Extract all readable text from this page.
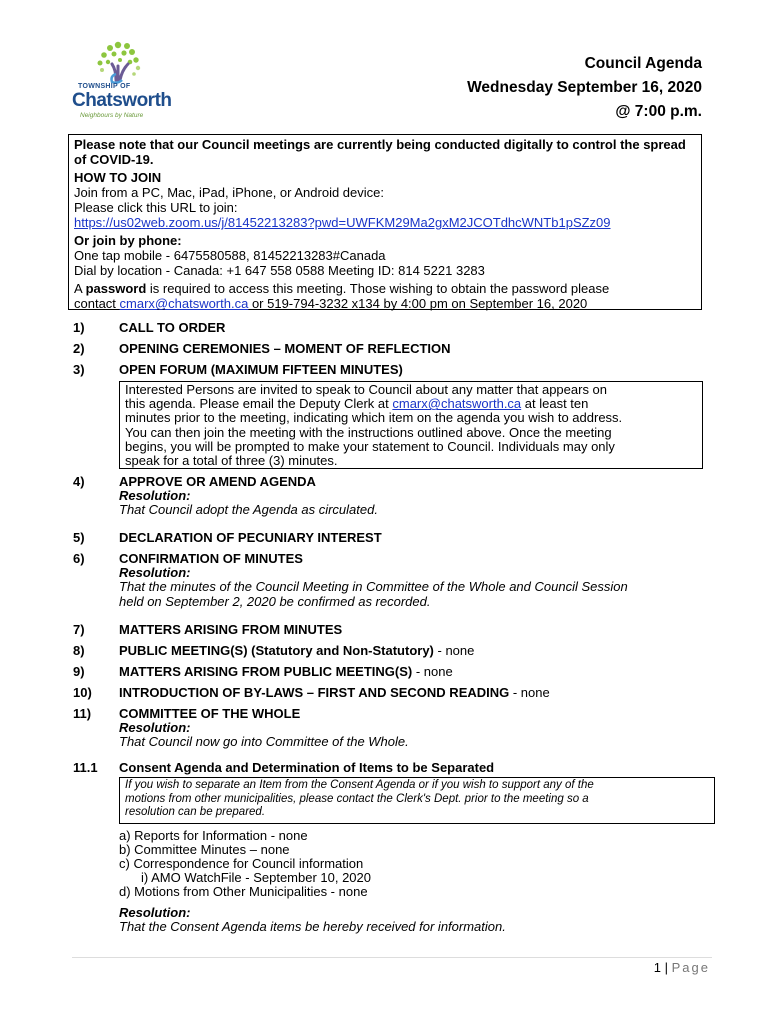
TOWNSHIP OF
Chatsworth
Neighbours by Nature
Council Agenda
Wednesday September 16, 2020
@ 7:00 p.m.

Please note that our Council meetings are currently being conducted digitally to control the spread of COVID-19.

HOW TO JOIN

Join from a PC, Mac, iPad, iPhone, or Android device:

Please click this URL to join:

https://us02web.zoom.us/j/81452213283?pwd=UWFKM29Ma2gxM2JCOTdhcWNTb1pSZz09

Or join by phone:

One tap mobile - 6475580588, 81452213283#Canada

Dial by location - Canada: +1 647 558 0588 Meeting ID: 814 5221 3283

A password is required to access this meeting. Those wishing to obtain the password please

contact cmarx@chatsworth.ca or 519-794-3232 x134 by 4:00 pm on September 16, 2020

1)	CALL TO ORDER
2)	OPENING CEREMONIES – MOMENT OF REFLECTION
3)	OPEN FORUM (MAXIMUM FIFTEEN MINUTES)
Interested Persons are invited to speak to Council about any matter that appears on
this agenda. Please email the Deputy Clerk at cmarx@chatsworth.ca at least ten
minutes prior to the meeting, indicating which item on the agenda you wish to address.
You can then join the meeting with the instructions outlined above. Once the meeting
begins, you will be prompted to make your statement to Council. Individuals may only
speak for a total of three (3) minutes.
4)	APPROVE OR AMEND AGENDA
Resolution:
That Council adopt the Agenda as circulated.
5)	DECLARATION OF PECUNIARY INTEREST
6)	CONFIRMATION OF MINUTES
Resolution:
That the minutes of the Council Meeting in Committee of the Whole and Council Session
held on September 2, 2020 be confirmed as recorded.
7)	MATTERS ARISING FROM MINUTES
8)	PUBLIC MEETING(S) (Statutory and Non-Statutory) - none
9)	MATTERS ARISING FROM PUBLIC MEETING(S) - none
10) INTRODUCTION OF BY-LAWS – FIRST AND SECOND READING - none
11) COMMITTEE OF THE WHOLE
Resolution:
That Council now go into Committee of the Whole.
11.1 Consent Agenda and Determination of Items to be Separated
If you wish to separate an Item from the Consent Agenda or if you wish to support any of the
motions from other municipalities, please contact the Clerk's Dept. prior to the meeting so a
resolution can be prepared.
a) Reports for Information - none
b) Committee Minutes – none
c) Correspondence for Council information
i) AMO WatchFile - September 10, 2020
d) Motions from Other Municipalities - none
Resolution:
That the Consent Agenda items be hereby received for information.
1 | Page
